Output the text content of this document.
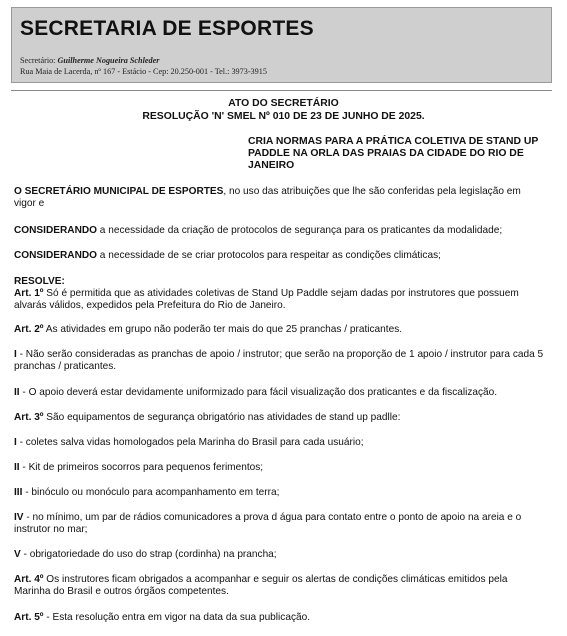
SECRETARIA DE ESPORTES
Secretário: Guilherme Nogueira Schleder
Rua Maia de Lacerda, nº 167 - Estácio - Cep: 20.250-001 - Tel.: 3973-3915
ATO DO SECRETÁRIO
RESOLUÇÃO 'N' SMEL Nº 010 DE 23 DE JUNHO DE 2025.
CRIA NORMAS PARA A PRÁTICA COLETIVA DE STAND UP PADDLE NA ORLA DAS PRAIAS DA CIDADE DO RIO DE JANEIRO
O SECRETÁRIO MUNICIPAL DE ESPORTES, no uso das atribuições que lhe são conferidas pela legislação em vigor e
CONSIDERANDO a necessidade da criação de protocolos de segurança para os praticantes da modalidade;
CONSIDERANDO a necessidade de se criar protocolos para respeitar as condições climáticas;
RESOLVE:
Art. 1º Só é permitida que as atividades coletivas de Stand Up Paddle sejam dadas por instrutores que possuem alvarás válidos, expedidos pela Prefeitura do Rio de Janeiro.
Art. 2º As atividades em grupo não poderão ter mais do que 25 pranchas / praticantes.
I - Não serão consideradas as pranchas de apoio / instrutor; que serão na proporção de 1 apoio / instrutor para cada 5 pranchas / praticantes.
II - O apoio deverá estar devidamente uniformizado para fácil visualização dos praticantes e da fiscalização.
Art. 3º São equipamentos de segurança obrigatório nas atividades de stand up padlle:
I - coletes salva vidas homologados pela Marinha do Brasil para cada usuário;
II - Kit de primeiros socorros para pequenos ferimentos;
III - binóculo ou monóculo para acompanhamento em terra;
IV - no mínimo, um par de rádios comunicadores a prova d água para contato entre o ponto de apoio na areia e o instrutor no mar;
V - obrigatoriedade do uso do strap (cordinha) na prancha;
Art. 4º Os instrutores ficam obrigados a acompanhar e seguir os alertas de condições climáticas emitidos pela Marinha do Brasil e outros órgãos competentes.
Art. 5º - Esta resolução entra em vigor na data da sua publicação.
